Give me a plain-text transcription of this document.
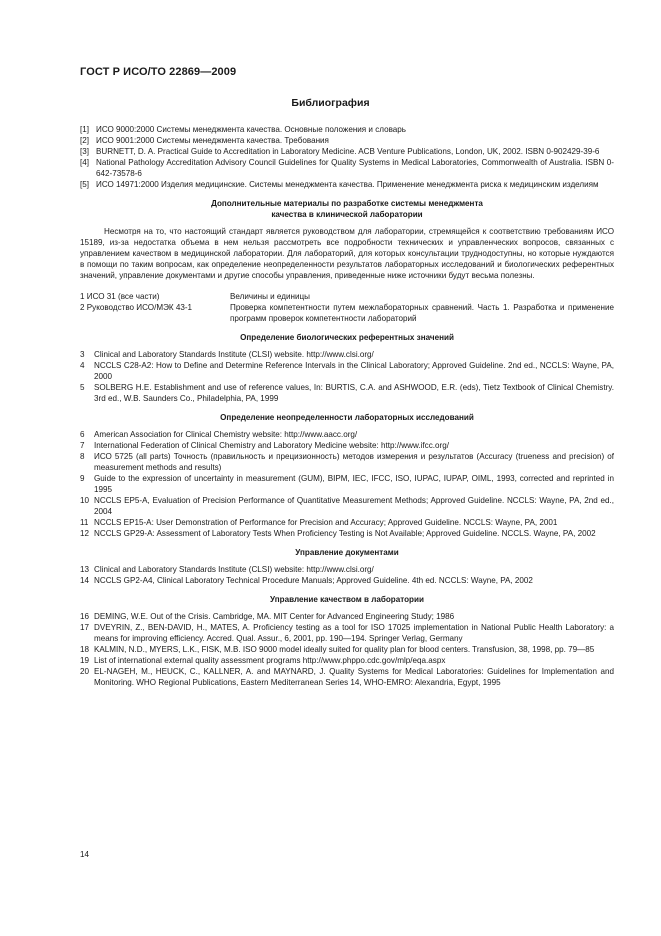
ГОСТ Р ИСО/ТО 22869—2009
Библиография
[1] ИСО 9000:2000 Системы менеджмента качества. Основные положения и словарь
[2] ИСО 9001:2000 Системы менеджмента качества. Требования
[3] BURNETT, D. A. Practical Guide to Accreditation in Laboratory Medicine. ACB Venture Publications, London, UK, 2002. ISBN 0-902429-39-6
[4] National Pathology Accreditation Advisory Council Guidelines for Quality Systems in Medical Laboratories, Commonwealth of Australia. ISBN 0-642-73578-6
[5] ИСО 14971:2000 Изделия медицинские. Системы менеджмента качества. Применение менеджмента риска к медицинским изделиям
Дополнительные материалы по разработке системы менеджмента
качества в клинической лаборатории
Несмотря на то, что настоящий стандарт является руководством для лаборатории, стремящейся к соответствию требованиям ИСО 15189, из-за недостатка объема в нем нельзя рассмотреть все подробности технических и управленческих вопросов, связанных с управлением качеством в медицинской лаборатории. Для лабораторий, для которых консультации труднодоступны, но которые нуждаются в помощи по таким вопросам, как определение неопределенности результатов лабораторных исследований и биологических референтных значений, управление документами и другие способы управления, приведенные ниже источники будут весьма полезны.
1 ИСО 31 (все части)	Величины и единицы
2 Руководство ИСО/МЭК 43-1	Проверка компетентности путем межлабораторных сравнений. Часть 1. Разработка и применение программ проверок компетентности лабораторий
Определение биологических референтных значений
3	Clinical and Laboratory Standards Institute (CLSI) website. http://www.clsi.org/
4	NCCLS C28-A2: How to Define and Determine Reference Intervals in the Clinical Laboratory; Approved Guideline. 2nd ed., NCCLS: Wayne, PA, 2000
5	SOLBERG H.E. Establishment and use of reference values, In: BURTIS, C.A. and ASHWOOD, E.R. (eds), Tietz Textbook of Clinical Chemistry. 3rd ed., W.B. Saunders Co., Philadelphia, PA, 1999
Определение неопределенности лабораторных исследований
6	American Association for Clinical Chemistry website: http://www.aacc.org/
7	International Federation of Clinical Chemistry and Laboratory Medicine website: http://www.ifcc.org/
8	ИСО 5725 (all parts) Точность (правильность и прецизионность) методов измерения и результатов (Accuracy (trueness and precision) of measurement methods and results)
9	Guide to the expression of uncertainty in measurement (GUM), BIPM, IEC, IFCC, ISO, IUPAC, IUPAP, OIML, 1993, corrected and reprinted in 1995
10 NCCLS EP5-A, Evaluation of Precision Performance of Quantitative Measurement Methods; Approved Guideline. NCCLS: Wayne, PA, 2nd ed., 2004
11 NCCLS EP15-A: User Demonstration of Performance for Precision and Accuracy; Approved Guideline. NCCLS: Wayne, PA, 2001
12 NCCLS GP29-A: Assessment of Laboratory Tests When Proficiency Testing is Not Available; Approved Guideline. NCCLS. Wayne, PA, 2002
Управление документами
13 Clinical and Laboratory Standards Institute (CLSI) website: http://www.clsi.org/
14 NCCLS GP2-A4, Clinical Laboratory Technical Procedure Manuals; Approved Guideline. 4th ed. NCCLS: Wayne, PA, 2002
Управление качеством в лаборатории
16 DEMING, W.E. Out of the Crisis. Cambridge, MA. MIT Center for Advanced Engineering Study; 1986
17 DVEYRIN, Z., BEN-DAVID, H., MATES, A. Proficiency testing as a tool for ISO 17025 implementation in National Public Health Laboratory: a means for improving efficiency. Accred. Qual. Assur., 6, 2001, pp. 190—194. Springer Verlag, Germany
18 KALMIN, N.D., MYERS, L.K., FISK, M.B. ISO 9000 model ideally suited for quality plan for blood centers. Transfusion, 38, 1998, pp. 79—85
19 List of international external quality assessment programs http://www.phppo.cdc.gov/mlp/eqa.aspx
20 EL-NAGEH, M., HEUCK, C., KALLNER, A. and MAYNARD, J. Quality Systems for Medical Laboratories: Guidelines for Implementation and Monitoring. WHO Regional Publications, Eastern Mediterranean Series 14, WHO-EMRO: Alexandria, Egypt, 1995
14
